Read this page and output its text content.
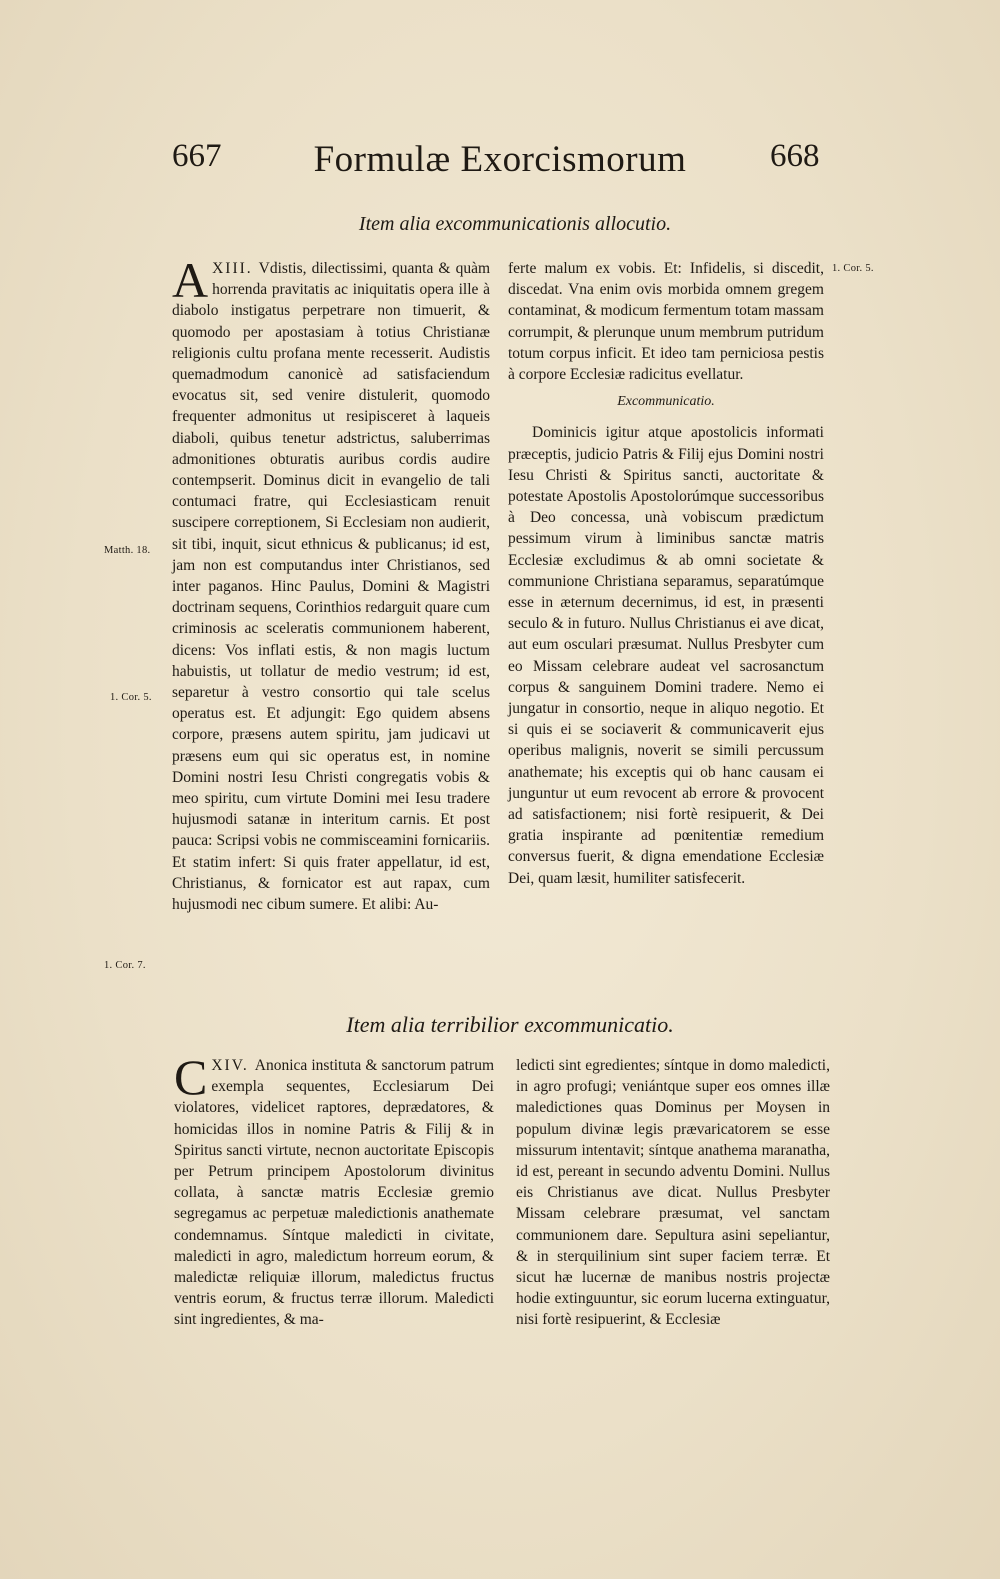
667	Formulæ Exorcismorum	668
Item alia excommunicationis allocutio.

XIII.
A	Vdistis, dilectissimi, quanta & quàm horrenda pravitatis ac iniquitatis opera ille à diabolo instigatus perpetrare non timuerit, & quomodo per apostasiam à totius Christianæ religionis cultu profana mente recesserit. Audistis quemadmodum canonicè ad satisfaciendum evocatus sit, sed venire distulerit, quomodo frequenter admonitus ut resipisceret à laqueis diaboli, quibus tenetur adstrictus, saluberrimas admonitiones obturatis auribus cordis audire contempserit. Dominus dicit in evangelio de tali contumaci fratre, qui Ecclesiasticam renuit suscipere correptionem, Si Ecclesiam non audierit, sit tibi, inquit, sicut ethnicus & publicanus; id est, jam non est computandus inter Christianos, sed inter paganos. Hinc Paulus, Domini & Magistri doctrinam sequens, Corinthios redarguit quare cum criminosis ac sceleratis communionem haberent, dicens: Vos inflati estis, & non magis luctum habuistis, ut tollatur de medio vestrum; id est, separetur à vestro consortio qui tale scelus operatus est. Et adjungit: Ego quidem absens corpore, præsens autem spiritu, jam judicavi ut præsens eum qui sic operatus est, in nomine Domini nostri Iesu Christi congregatis vobis & meo spiritu, cum virtute Domini mei Iesu tradere hujusmodi satanæ in interitum carnis. Et post pauca: Scripsi vobis ne commisceamini fornicariis. Et statim infert: Si quis frater appellatur, id est, Christianus, & fornicator est aut rapax, cum hujusmodi nec cibum sumere. Et alibi: Au-

ferte malum ex vobis. Et: Infidelis, si discedit, discedat. Vna enim ovis morbida omnem gregem contaminat, & modicum fermentum totam massam corrumpit, & plerunque unum membrum putridum totum corpus inficit. Et ideo tam perniciosa pestis à corpore Ecclesiæ radicitus evellatur.

Excommunicatio.

Dominicis igitur atque apostolicis informati præceptis, judicio Patris & Filij ejus Domini nostri Iesu Christi & Spiritus sancti, auctoritate & potestate Apostolis Apostolorúmque successoribus à Deo concessa, unà vobiscum prædictum pessimum virum à liminibus sanctæ matris Ecclesiæ excludimus & ab omni societate & communione Christiana separamus, separatúmque esse in æternum decernimus, id est, in præsenti seculo & in futuro. Nullus Christianus ei ave dicat, aut eum osculari præsumat. Nullus Presbyter cum eo Missam celebrare audeat vel sacrosanctum corpus & sanguinem Domini tradere. Nemo ei jungatur in consortio, neque in aliquo negotio. Et si quis ei se sociaverit & communicaverit ejus operibus malignis, noverit se simili percussum anathemate; his exceptis qui ob hanc causam ei junguntur ut eum revocent ab errore & provocent ad satisfactionem; nisi fortè resipuerit, & Dei gratia inspirante ad pœnitentiæ remedium conversus fuerit, & digna emendatione Ecclesiæ Dei, quam læsit, humiliter satisfecerit.

Item alia terribilior excommunicatio.

XIV.
C	Anonica instituta & sanctorum patrum exempla sequentes, Ecclesiarum Dei violatores, videlicet raptores, deprædatores, & homicidas illos in nomine Patris & Filij & in Spiritus sancti virtute, necnon auctoritate Episcopis per Petrum principem Apostolorum divinitus collata, à sanctæ matris Ecclesiæ gremio segregamus ac perpetuæ maledictionis anathemate condemnamus. Síntque maledicti in civitate, maledicti in agro, maledictum horreum eorum, & maledictæ reliquiæ illorum, maledictus fructus ventris eorum, & fructus terræ illorum. Maledicti sint ingredientes, & ma-

ledicti sint egredientes; síntque in domo maledicti, in agro profugi; veniántque super eos omnes illæ maledictiones quas Dominus per Moysen in populum divinæ legis prævaricatorem se esse missurum intentavit; síntque anathema maranatha, id est, pereant in secundo adventu Domini. Nullus eis Christianus ave dicat. Nullus Presbyter Missam celebrare præsumat, vel sanctam communionem dare. Sepultura asini sepeliantur, & in sterquilinium sint super faciem terræ. Et sicut hæ lucernæ de manibus nostris projectæ hodie extinguuntur, sic eorum lucerna extinguatur, nisi fortè resipuerint, & Ecclesiæ

Matth. 18.
1. Cor. 5.
1. Cor. 7.
1. Cor. 5.
